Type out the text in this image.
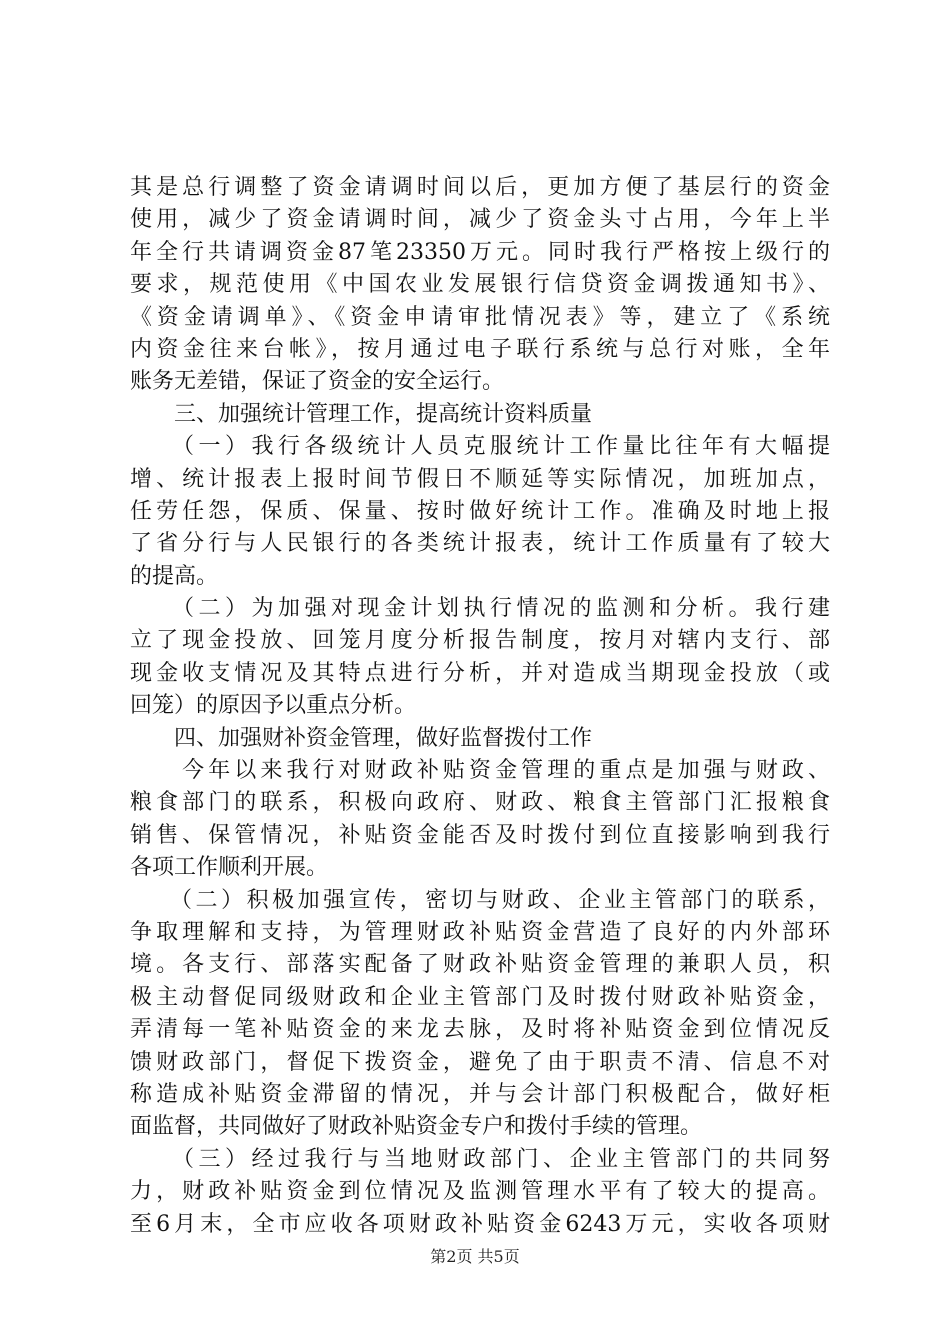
其是总行调整了资金请调时间以后，更加方便了基层行的资金
使用，减少了资金请调时间，减少了资金头寸占用，今年上半
年全行共请调资金87笔23350万元。同时我行严格按上级行的
要求，规范使用《中国农业发展银行信贷资金调拨通知书》、
《资金请调单》、《资金申请审批情况表》等，建立了《系统
内资金往来台帐》，按月通过电子联行系统与总行对账，全年
账务无差错，保证了资金的安全运行。
　　三、加强统计管理工作，提高统计资料质量
　　（一）我行各级统计人员克服统计工作量比往年有大幅提
增、统计报表上报时间节假日不顺延等实际情况，加班加点，
任劳任怨，保质、保量、按时做好统计工作。准确及时地上报
了省分行与人民银行的各类统计报表，统计工作质量有了较大
的提高。
　　（二）为加强对现金计划执行情况的监测和分析。我行建
立了现金投放、回笼月度分析报告制度，按月对辖内支行、部
现金收支情况及其特点进行分析，并对造成当期现金投放（或
回笼）的原因予以重点分析。
　　四、加强财补资金管理，做好监督拨付工作
　　今年以来我行对财政补贴资金管理的重点是加强与财政、
粮食部门的联系，积极向政府、财政、粮食主管部门汇报粮食
销售、保管情况，补贴资金能否及时拨付到位直接影响到我行
各项工作顺利开展。
　　（二）积极加强宣传，密切与财政、企业主管部门的联系，
争取理解和支持，为管理财政补贴资金营造了良好的内外部环
境。各支行、部落实配备了财政补贴资金管理的兼职人员，积
极主动督促同级财政和企业主管部门及时拨付财政补贴资金，
弄清每一笔补贴资金的来龙去脉，及时将补贴资金到位情况反
馈财政部门，督促下拨资金，避免了由于职责不清、信息不对
称造成补贴资金滞留的情况，并与会计部门积极配合，做好柜
面监督，共同做好了财政补贴资金专户和拨付手续的管理。
　　（三）经过我行与当地财政部门、企业主管部门的共同努
力，财政补贴资金到位情况及监测管理水平有了较大的提高。
至6月末，全市应收各项财政补贴资金6243万元，实收各项财
第2页 共5页
